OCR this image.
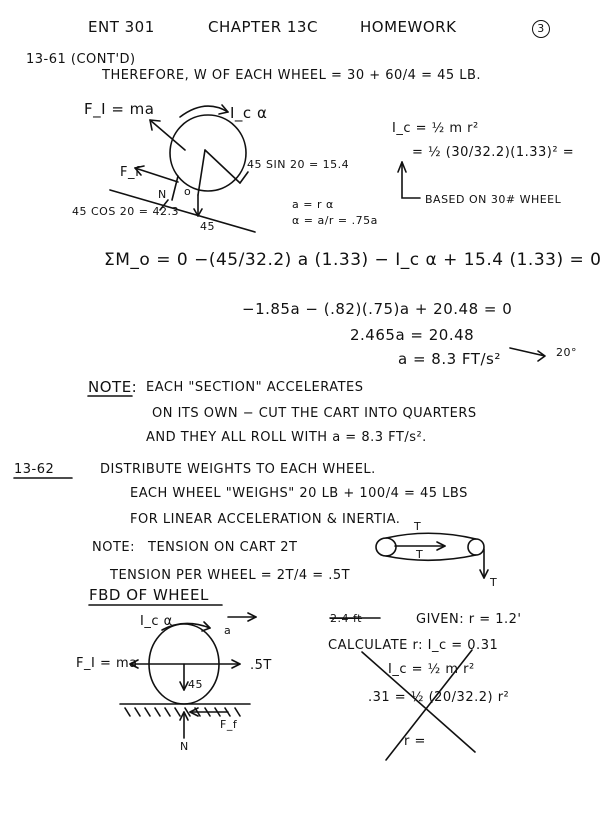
ENT 301	CHAPTER 13C	HOMEWORK	3
13-61 (CONT'D)
THEREFORE, W OF EACH WHEEL = 30 + 60/4 = 45 LB.
F_I = ma	I_c α
45 SIN 20 = 15.4
F_f
N o
45 COS 20 = 42.3
45
I_c = ½ m r²
= ½ (30/32.2)(1.33)² =
BASED ON 30# WHEEL
a = r α
α = a/r = .75a
ΣM_o = 0 −(45/32.2) a (1.33) − I_c α + 15.4 (1.33) = 0
−1.85a − (.82)(.75)a + 20.48 = 0
2.465a = 20.48
a = 8.3 FT/s²	20°
NOTE: EACH "SECTION" ACCELERATES
ON ITS OWN − CUT THE CART INTO QUARTERS
AND THEY ALL ROLL WITH a = 8.3 FT/s².
13-62	DISTRIBUTE WEIGHTS TO EACH WHEEL.
EACH WHEEL "WEIGHS" 20 LB + 100/4 = 45 LBS
FOR LINEAR ACCELERATION & INERTIA.
NOTE: TENSION ON CART 2T
TENSION PER WHEEL = 2T/4 = .5T
T
T
T
FBD OF WHEEL
I_c α
a
F_I = ma
45
.5T
F_f
N
2.4 ft	GIVEN: r = 1.2'
CALCULATE r: I_c = 0.31
I_c = ½ m r²
.31 = ½ (20/32.2) r²
r =
